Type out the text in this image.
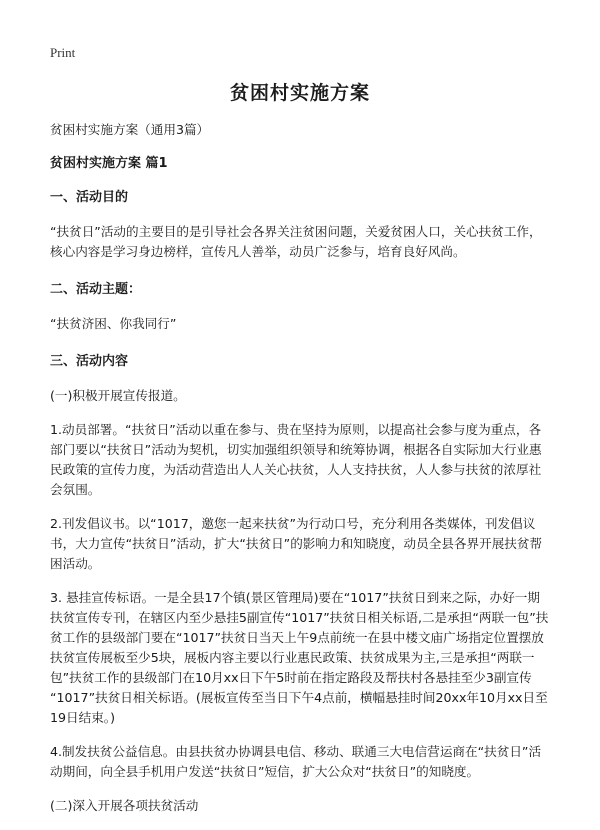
Print
贫困村实施方案

贫困村实施方案（通用3篇）

贫困村实施方案 篇1

一、活动目的

“扶贫日”活动的主要目的是引导社会各界关注贫困问题，关爱贫困人口，关心扶贫工作，核心内容是学习身边榜样，宣传凡人善举，动员广泛参与，培育良好风尚。

二、活动主题：

“扶贫济困、你我同行”

三、活动内容

(一)积极开展宣传报道。

1.动员部署。“扶贫日”活动以重在参与、贵在坚持为原则，以提高社会参与度为重点，各部门要以“扶贫日”活动为契机，切实加强组织领导和统筹协调，根据各自实际加大行业惠民政策的宣传力度，为活动营造出人人关心扶贫，人人支持扶贫，人人参与扶贫的浓厚社会氛围。

2.刊发倡议书。以“1017，邀您一起来扶贫”为行动口号，充分利用各类媒体，刊发倡议书，大力宣传“扶贫日”活动，扩大“扶贫日”的影响力和知晓度，动员全县各界开展扶贫帮困活动。

3. 悬挂宣传标语。一是全县17个镇(景区管理局)要在“1017”扶贫日到来之际，办好一期扶贫宣传专刊，在辖区内至少悬挂5副宣传“1017”扶贫日相关标语,二是承担“两联一包”扶贫工作的县级部门要在“1017”扶贫日当天上午9点前统一在县中楼文庙广场指定位置摆放扶贫宣传展板至少5块，展板内容主要以行业惠民政策、扶贫成果为主,三是承担“两联一包”扶贫工作的县级部门在10月xx日下午5时前在指定路段及帮扶村各悬挂至少3副宣传 “1017”扶贫日相关标语。(展板宣传至当日下午4点前，横幅悬挂时间20xx年10月xx日至19日结束。)

4.制发扶贫公益信息。由县扶贫办协调县电信、移动、联通三大电信营运商在“扶贫日”活动期间，向全县手机用户发送“扶贫日”短信，扩大公众对“扶贫日”的知晓度。

(二)深入开展各项扶贫活动
